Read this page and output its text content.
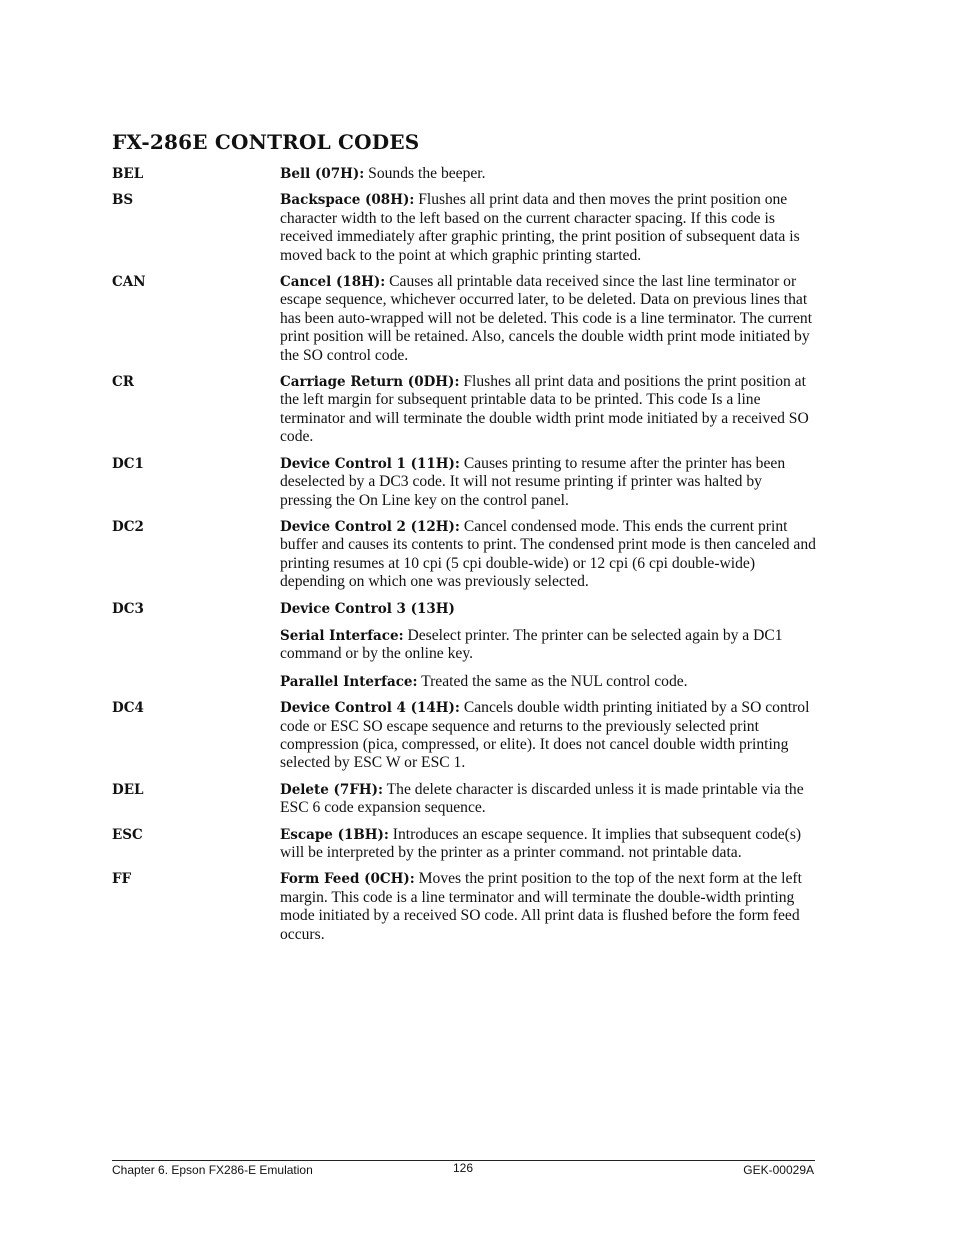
FX-286E CONTROL CODES
BEL	Bell (07H): Sounds the beeper.

BS	Backspace (08H): Flushes all print data and then moves the print position one character width to the left based on the current character spacing. If this code is received immediately after graphic printing, the print position of subsequent data is moved back to the point at which graphic printing started.

CAN	Cancel (18H): Causes all printable data received since the last line terminator or escape sequence, whichever occurred later, to be deleted. Data on previous lines that has been auto-wrapped will not be deleted. This code is a line terminator. The current print position will be retained. Also, cancels the double width print mode initiated by the SO control code.

CR	Carriage Return (0DH): Flushes all print data and positions the print position at the left margin for subsequent printable data to be printed. This code Is a line terminator and will terminate the double width print mode initiated by a received SO code.

DC1	Device Control 1 (11H): Causes printing to resume after the printer has been deselected by a DC3 code. It will not resume printing if printer was halted by pressing the On Line key on the control panel.

DC2	Device Control 2 (12H): Cancel condensed mode. This ends the current print buffer and causes its contents to print. The condensed print mode is then canceled and printing resumes at 10 cpi (5 cpi double-wide) or 12 cpi (6 cpi double-wide) depending on which one was previously selected.

DC3	Device Control 3 (13H)

Serial Interface: Deselect printer. The printer can be selected again by a DC1 command or by the online key.

Parallel Interface: Treated the same as the NUL control code.

DC4	Device Control 4 (14H): Cancels double width printing initiated by a SO control code or ESC SO escape sequence and returns to the previously selected print compression (pica, compressed, or elite). It does not cancel double width printing selected by ESC W or ESC 1.

DEL	Delete (7FH): The delete character is discarded unless it is made printable via the ESC 6 code expansion sequence.

ESC	Escape (1BH): Introduces an escape sequence. It implies that subsequent code(s) will be interpreted by the printer as a printer command. not printable data.

FF	Form Feed (0CH): Moves the print position to the top of the next form at the left margin. This code is a line terminator and will terminate the double-width printing mode initiated by a received SO code. All print data is flushed before the form feed occurs.

Chapter 6. Epson FX286-E Emulation	126	GEK-00029A
